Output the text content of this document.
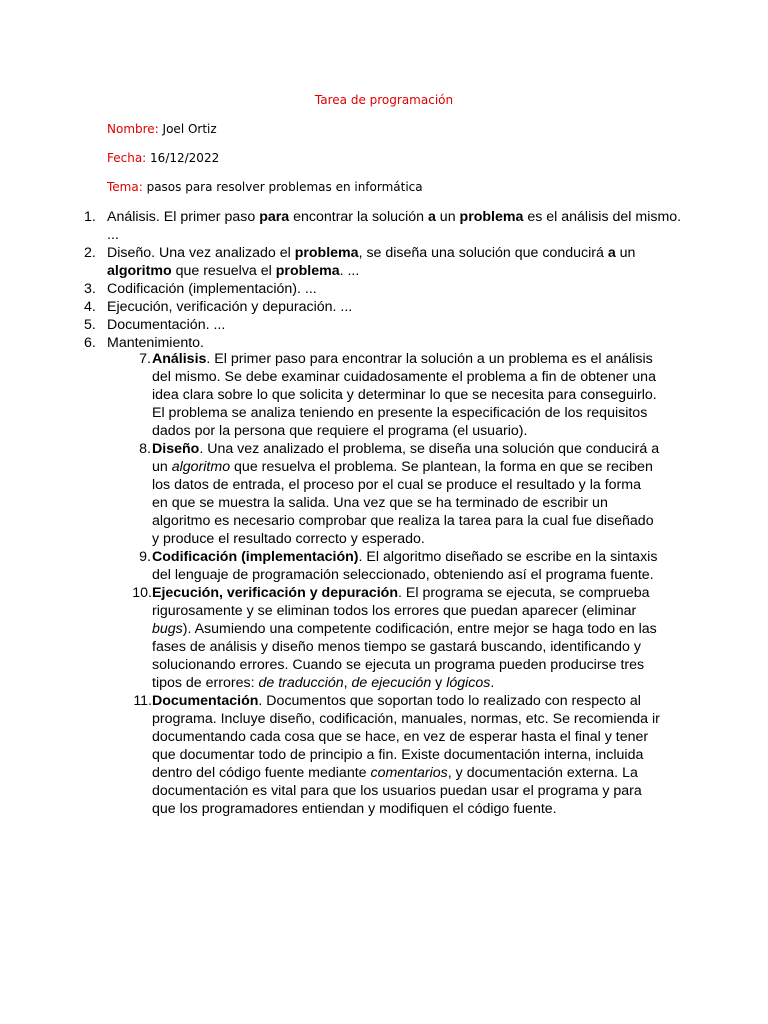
Tarea de programación
Nombre: Joel Ortiz
Fecha: 16/12/2022
Tema: pasos para resolver problemas en informática
1. Análisis. El primer paso para encontrar la solución a un problema es el análisis del mismo. ...
2. Diseño. Una vez analizado el problema, se diseña una solución que conducirá a un algoritmo que resuelva el problema. ...
3. Codificación (implementación). ...
4. Ejecución, verificación y depuración. ...
5. Documentación. ...
6. Mantenimiento.
7. Análisis. El primer paso para encontrar la solución a un problema es el análisis del mismo. Se debe examinar cuidadosamente el problema a fin de obtener una idea clara sobre lo que solicita y determinar lo que se necesita para conseguirlo. El problema se analiza teniendo en presente la especificación de los requisitos dados por la persona que requiere el programa (el usuario).
8. Diseño. Una vez analizado el problema, se diseña una solución que conducirá a un algoritmo que resuelva el problema. Se plantean, la forma en que se reciben los datos de entrada, el proceso por el cual se produce el resultado y la forma en que se muestra la salida. Una vez que se ha terminado de escribir un algoritmo es necesario comprobar que realiza la tarea para la cual fue diseñado y produce el resultado correcto y esperado.
9. Codificación (implementación). El algoritmo diseñado se escribe en la sintaxis del lenguaje de programación seleccionado, obteniendo así el programa fuente.
10. Ejecución, verificación y depuración. El programa se ejecuta, se comprueba rigurosamente y se eliminan todos los errores que puedan aparecer (eliminar bugs). Asumiendo una competente codificación, entre mejor se haga todo en las fases de análisis y diseño menos tiempo se gastará buscando, identificando y solucionando errores. Cuando se ejecuta un programa pueden producirse tres tipos de errores: de traducción, de ejecución y lógicos.
11. Documentación. Documentos que soportan todo lo realizado con respecto al programa. Incluye diseño, codificación, manuales, normas, etc. Se recomienda ir documentando cada cosa que se hace, en vez de esperar hasta el final y tener que documentar todo de principio a fin. Existe documentación interna, incluida dentro del código fuente mediante comentarios, y documentación externa. La documentación es vital para que los usuarios puedan usar el programa y para que los programadores entiendan y modifiquen el código fuente.
